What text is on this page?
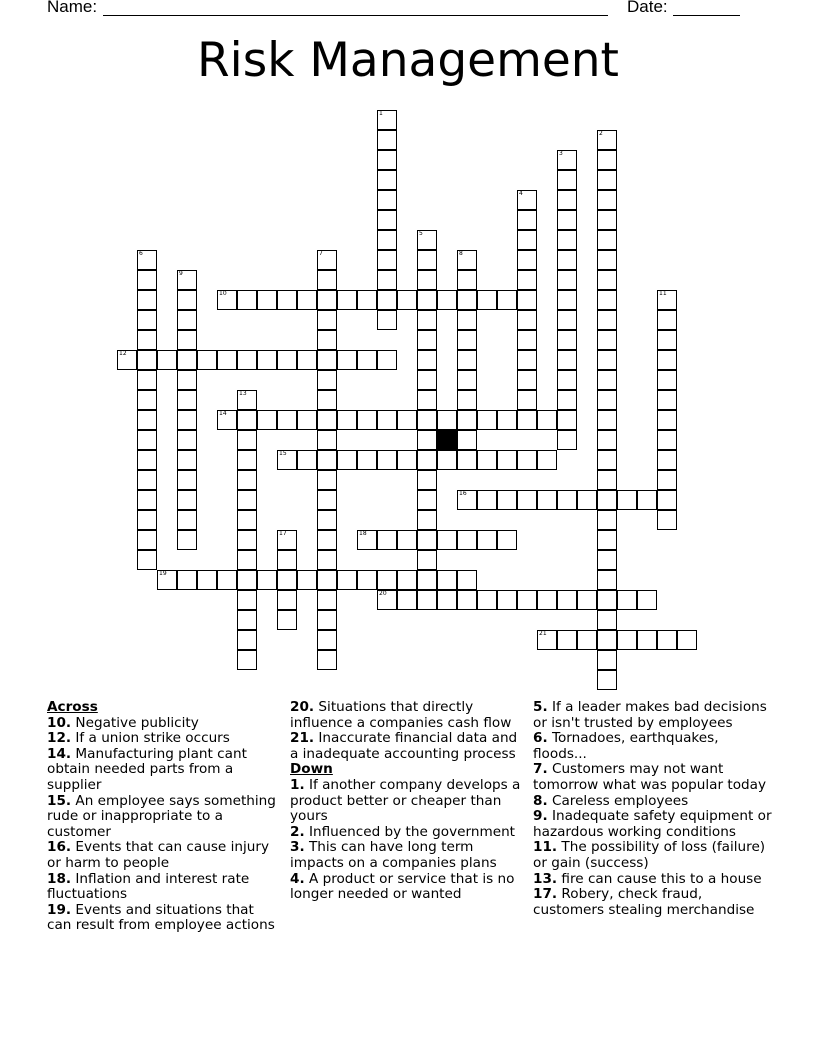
Name:	Date:
Risk Management
10
12
14
15
16
18
19
20
21
1
2
3
4
5
6	7	8
9
11
13
17
Across
10. Negative publicity
12. If a union strike occurs
14. Manufacturing plant cant obtain needed parts from a supplier
15. An employee says something rude or inappropriate to a customer
16. Events that can cause injury or harm to people
18. Inflation and interest rate fluctuations
19. Events and situations that can result from employee actions
20. Situations that directly influence a companies cash flow
21. Inaccurate financial data and a inadequate accounting process
Down
1. If another company develops a product better or cheaper than yours
2. Influenced by the government
3. This can have long term impacts on a companies plans
4. A product or service that is no longer needed or wanted
5. If a leader makes bad decisions or isn't trusted by employees
6. Tornadoes, earthquakes, floods...
7. Customers may not want tomorrow what was popular today
8. Careless employees
9. Inadequate safety equipment or hazardous working conditions
11. The possibility of loss (failure) or gain (success)
13. fire can cause this to a house
17. Robery, check fraud, customers stealing merchandise
